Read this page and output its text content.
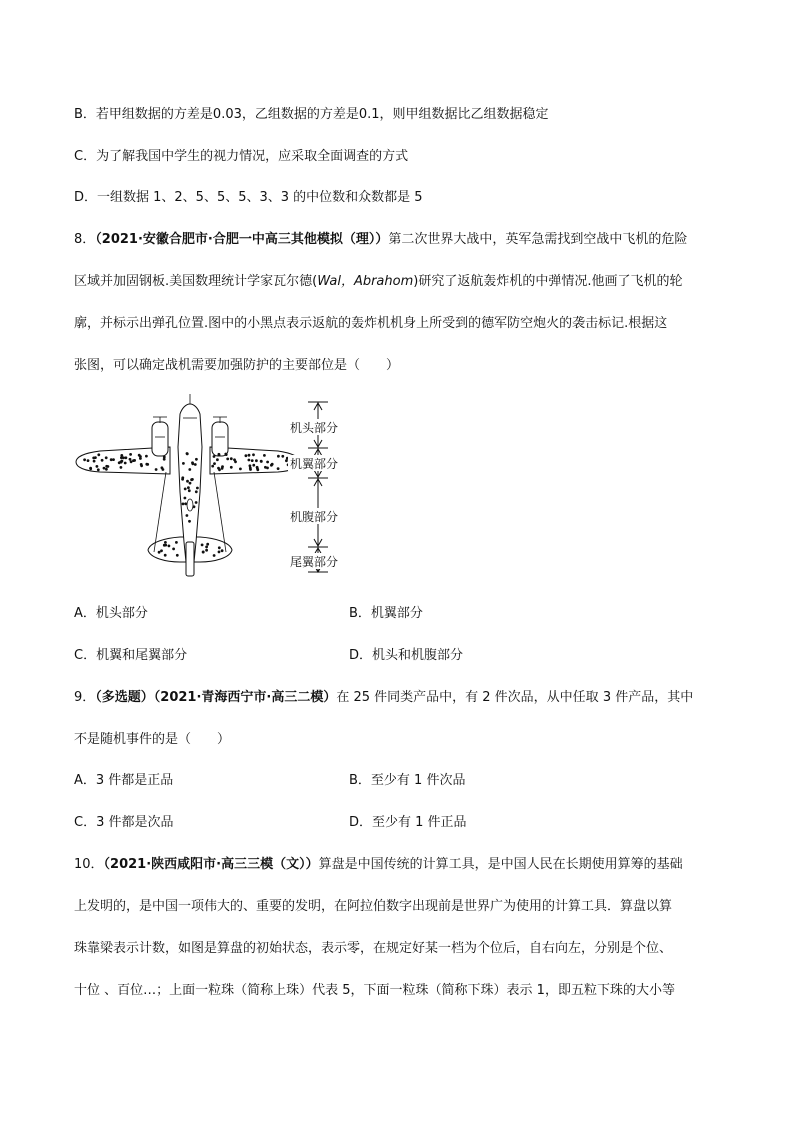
B．若甲组数据的方差是0.03，乙组数据的方差是0.1，则甲组数据比乙组数据稳定
C．为了解我国中学生的视力情况，应采取全面调查的方式
D．一组数据 1、2、5、5、5、3、3 的中位数和众数都是 5
8．（2021·安徽合肥市·合肥一中高三其他模拟（理））第二次世界大战中，英军急需找到空战中飞机的危险
区域并加固钢板.美国数理统计学家瓦尔德(Wal，Abrahom)研究了返航轰炸机的中弹情况.他画了飞机的轮
廓，并标示出弹孔位置.图中的小黑点表示返航的轰炸机机身上所受到的德军防空炮火的袭击标记.根据这
张图，可以确定战机需要加强防护的主要部位是（　　）
机头部分
机翼部分
机腹部分
尾翼部分
A．机头部分	B．机翼部分
C．机翼和尾翼部分	D．机头和机腹部分
9．（多选题）（2021·青海西宁市·高三二模）在 25 件同类产品中，有 2 件次品，从中任取 3 件产品，其中
不是随机事件的是（　　）
A．3 件都是正品	B．至少有 1 件次品
C．3 件都是次品	D．至少有 1 件正品
10．（2021·陕西咸阳市·高三三模（文））算盘是中国传统的计算工具，是中国人民在长期使用算筹的基础
上发明的，是中国一项伟大的、重要的发明，在阿拉伯数字出现前是世界广为使用的计算工具．算盘以算
珠靠梁表示计数，如图是算盘的初始状态，表示零，在规定好某一档为个位后，自右向左，分别是个位、
十位 、百位…；上面一粒珠（简称上珠）代表 5，下面一粒珠（简称下珠）表示 1，即五粒下珠的大小等
